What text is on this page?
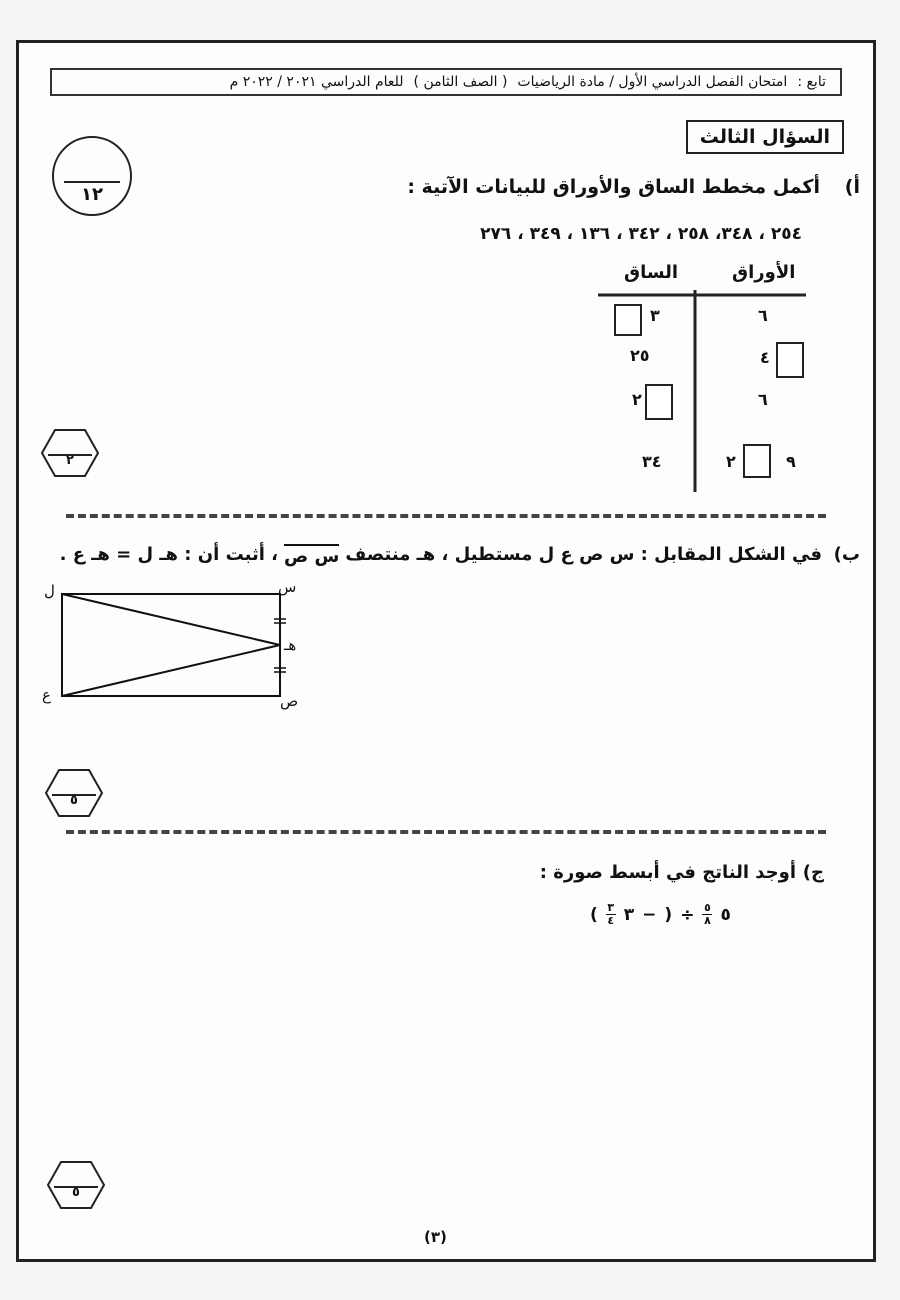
تابع :
امتحان الفصل الدراسي الأول / مادة الرياضيات
( الصف الثامن )
للعام الدراسي ٢٠٢١ / ٢٠٢٢ م
السؤال الثالث
١٢	أ)
أكمل مخطط الساق والأوراق للبيانات الآتية :
٢٥٤ ، ٣٤٨، ٢٥٨ ، ٣٤٢ ، ١٣٦ ، ٣٤٩ ، ٢٧٦
الأوراق
الساق
٣	٦
٢٥	٤
٢	٦
٣٤	٢	٩
٢
ب)
في الشكل المقابل : س ص ع ل مستطيل ، هـ منتصف
س ص
، أثبت أن : هـ ل = هـ ع .
ل	س
هـ
ع	ص
٥
ج)
أوجد الناتج في أبسط صورة :
٥
$\frac{٥}{٨}$
÷
(
−
٣
$\frac{٣}{٤}$
)
٥
(٣)
